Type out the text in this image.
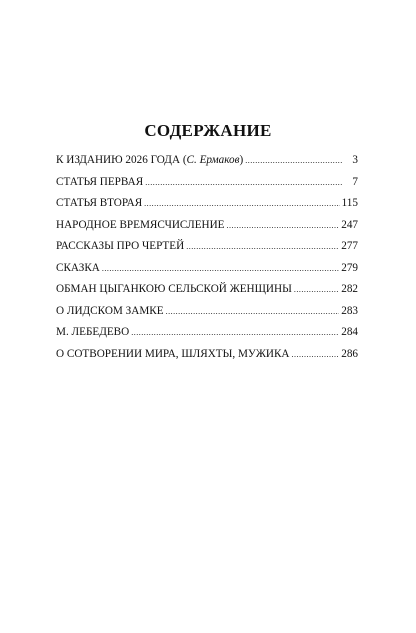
СОДЕРЖАНИЕ
К ИЗДАНИЮ 2026 ГОДА (С. Ермаков) .....	3
СТАТЬЯ ПЕРВАЯ .....	7
СТАТЬЯ ВТОРАЯ .....	115
НАРОДНОЕ ВРЕМЯСЧИСЛЕНИЕ .....	247
РАССКАЗЫ ПРО ЧЕРТЕЙ .....	277
СКАЗКА .....	279
ОБМАН ЦЫГАНКОЮ СЕЛЬСКОЙ ЖЕНЩИНЫ .....	282
О ЛИДСКОМ ЗАМКЕ .....	283
М. ЛЕБЕДЕВО .....	284
О СОТВОРЕНИИ МИРА, ШЛЯХТЫ, МУЖИКА .....	286
